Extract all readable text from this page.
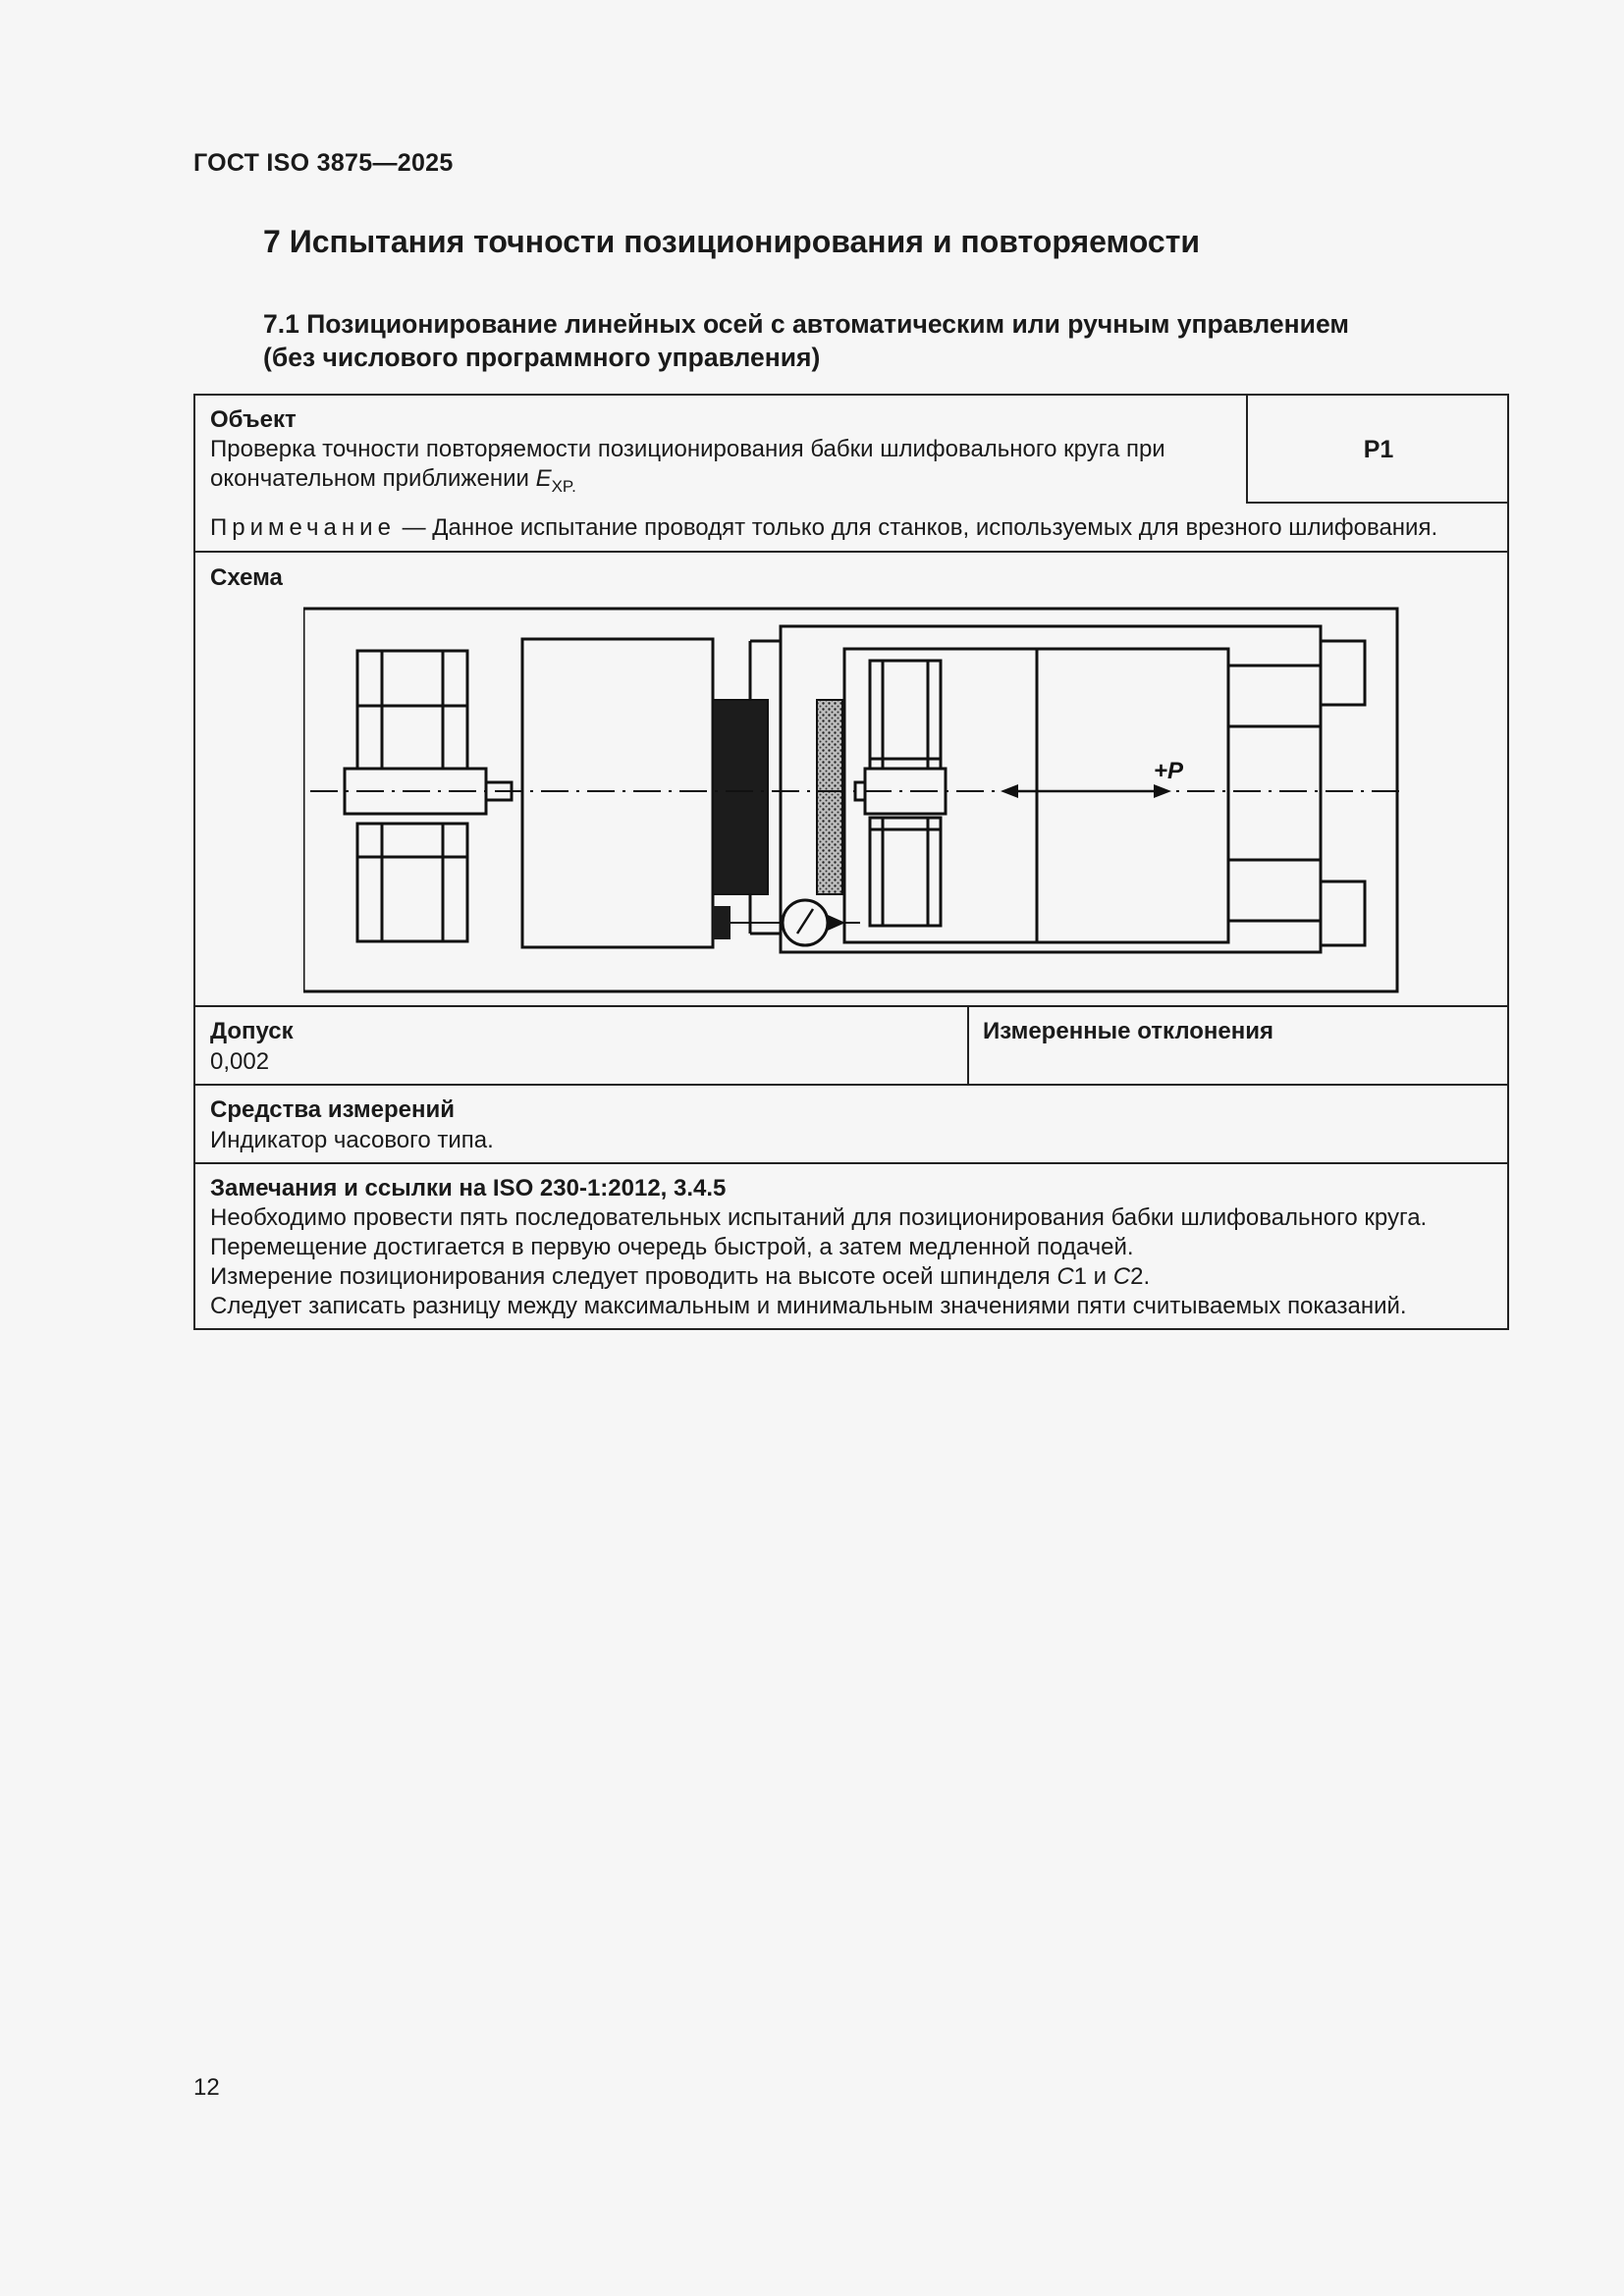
ГОСТ ISO 3875—2025
7 Испытания точности позиционирования и повторяемости
7.1 Позиционирование линейных осей с автоматическим или ручным управлением
(без числового программного управления)
Объект
Проверка точности повторяемости позиционирования бабки шлифовального круга при
окончательном приближении $E_{XP.}$
P1
Примечание — Данное испытание проводят только для станков, используемых для врезного шлифования.
Схема
+P
Допуск
0,002
Измеренные отклонения
Средства измерений
Индикатор часового типа.
Замечания и ссылки на ISO 230-1:2012, 3.4.5
Необходимо провести пять последовательных испытаний для позиционирования бабки шлифовального круга.
Перемещение достигается в первую очередь быстрой, а затем медленной подачей.
Измерение позиционирования следует проводить на высоте осей шпинделя C1 и C2.
Следует записать разницу между максимальным и минимальным значениями пяти считываемых показаний.
12
